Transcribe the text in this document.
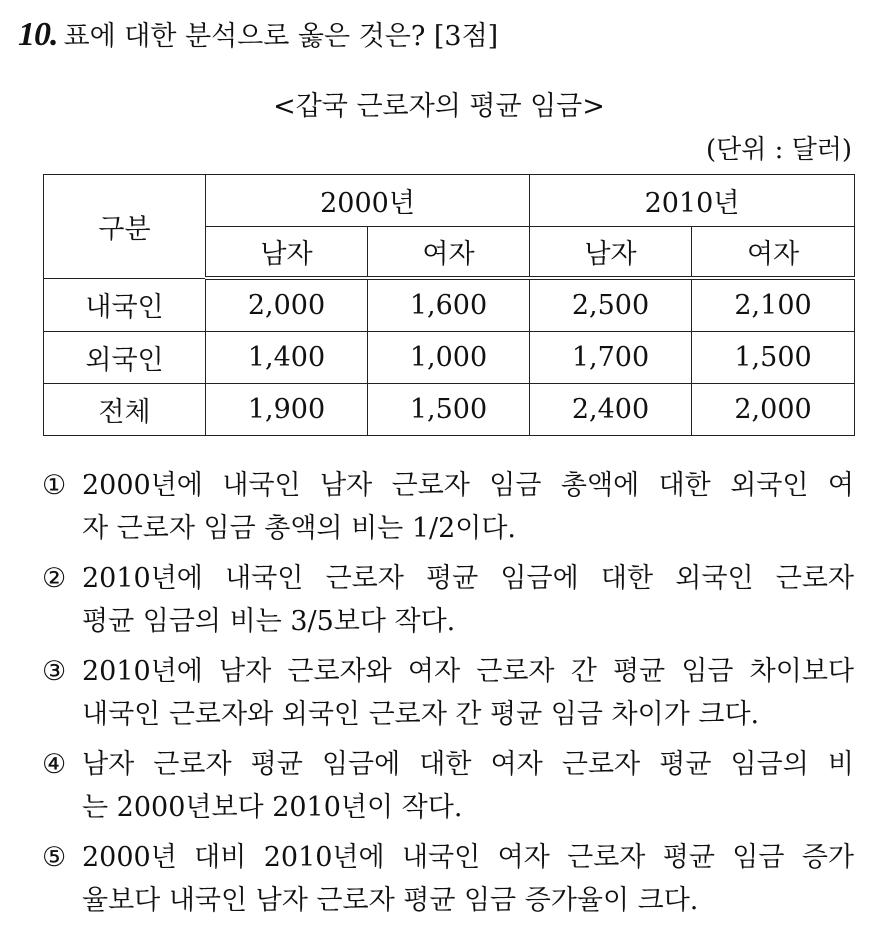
10. 표에 대한 분석으로 옳은 것은? [3점]
<갑국 근로자의 평균 임금>
(단위 : 달러)
구분	2000년		2010년	
	남자	여자	남자	여자
내국인	2,000	1,600	2,500	2,100
외국인	1,400	1,000	1,700	1,500
전체	1,900	1,500	2,400	2,000
① 2000년에 내국인 남자 근로자 임금 총액에 대한 외국인 여
자 근로자 임금 총액의 비는 1/2이다.
② 2010년에 내국인 근로자 평균 임금에 대한 외국인 근로자
평균 임금의 비는 3/5보다 작다.
③ 2010년에 남자 근로자와 여자 근로자 간 평균 임금 차이보다
내국인 근로자와 외국인 근로자 간 평균 임금 차이가 크다.
④ 남자 근로자 평균 임금에 대한 여자 근로자 평균 임금의 비
는 2000년보다 2010년이 작다.
⑤ 2000년 대비 2010년에 내국인 여자 근로자 평균 임금 증가
율보다 내국인 남자 근로자 평균 임금 증가율이 크다.
